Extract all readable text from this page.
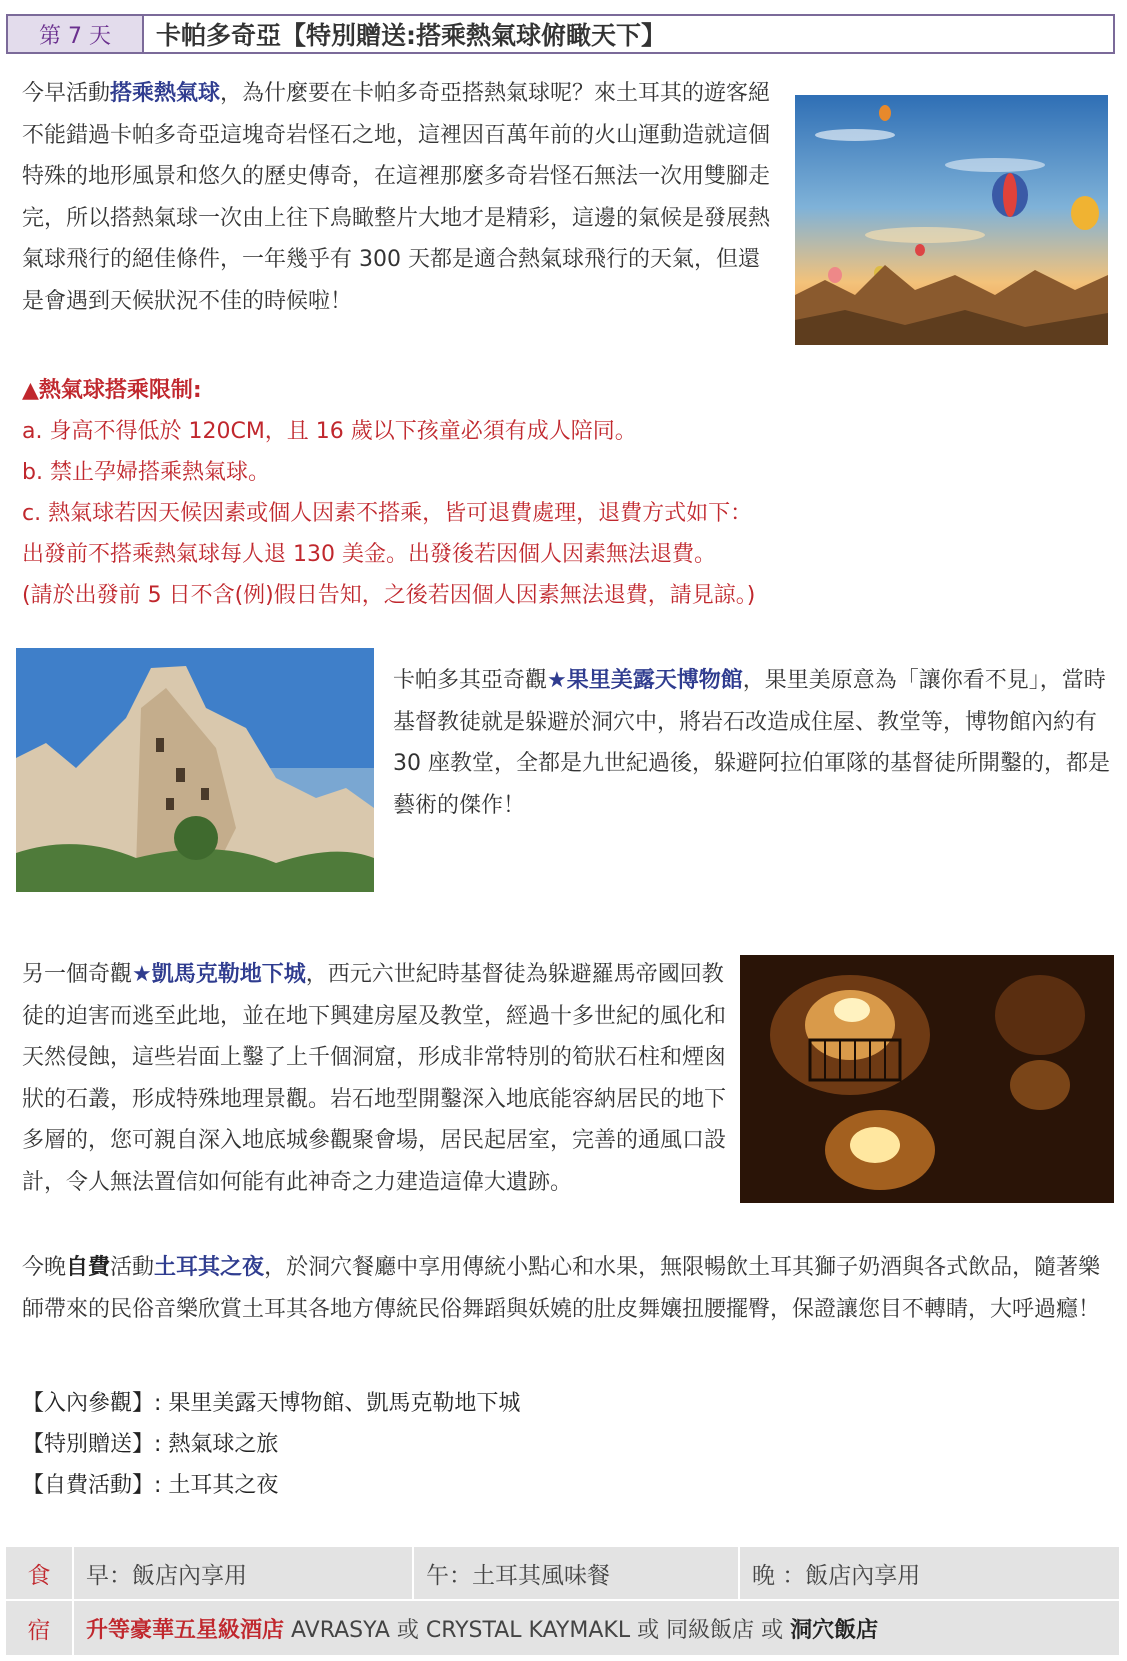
第 7 天	卡帕多奇亞【特別贈送:搭乘熱氣球俯瞰天下】

今早活動搭乘熱氣球，為什麼要在卡帕多奇亞搭熱氣球呢？來土耳其的遊客絕不能錯過卡帕多奇亞這塊奇岩怪石之地，這裡因百萬年前的火山運動造就這個特殊的地形風景和悠久的歷史傳奇，在這裡那麼多奇岩怪石無法一次用雙腳走完，所以搭熱氣球一次由上往下鳥瞰整片大地才是精彩，這邊的氣候是發展熱氣球飛行的絕佳條件，一年幾乎有 300 天都是適合熱氣球飛行的天氣，但還是會遇到天候狀況不佳的時候啦！

▲熱氣球搭乘限制:
a. 身高不得低於 120CM，且 16 歲以下孩童必須有成人陪同。
b. 禁止孕婦搭乘熱氣球。
c. 熱氣球若因天候因素或個人因素不搭乘，皆可退費處理，退費方式如下：
出發前不搭乘熱氣球每人退 130 美金。出發後若因個人因素無法退費。
(請於出發前 5 日不含(例)假日告知，之後若因個人因素無法退費，請見諒。)

卡帕多其亞奇觀★果里美露天博物館，果里美原意為「讓你看不見」，當時基督教徒就是躲避於洞穴中，將岩石改造成住屋、教堂等，博物館內約有 30 座教堂，全都是九世紀過後，躲避阿拉伯軍隊的基督徒所開鑿的，都是藝術的傑作！

另一個奇觀★凱馬克勒地下城，西元六世紀時基督徒為躲避羅馬帝國回教徒的迫害而逃至此地，並在地下興建房屋及教堂，經過十多世紀的風化和天然侵蝕，這些岩面上鑿了上千個洞窟，形成非常特別的筍狀石柱和煙囪狀的石叢，形成特殊地理景觀。岩石地型開鑿深入地底能容納居民的地下多層的，您可親自深入地底城參觀聚會場，居民起居室，完善的通風口設計，令人無法置信如何能有此神奇之力建造這偉大遺跡。

今晚自費活動土耳其之夜，於洞穴餐廳中享用傳統小點心和水果，無限暢飲土耳其獅子奶酒與各式飲品，隨著樂師帶來的民俗音樂欣賞土耳其各地方傳統民俗舞蹈與妖嬈的肚皮舞孃扭腰擺臀，保證讓您目不轉睛，大呼過癮！

【入內參觀】: 果里美露天博物館、凱馬克勒地下城
【特別贈送】: 熱氣球之旅
【自費活動】: 土耳其之夜
食	早：飯店內享用	午：土耳其風味餐	晚 ：飯店內享用
宿	升等豪華五星級酒店 AVRASYA 或 CRYSTAL KAYMAKL 或 同級飯店 或 洞穴飯店
